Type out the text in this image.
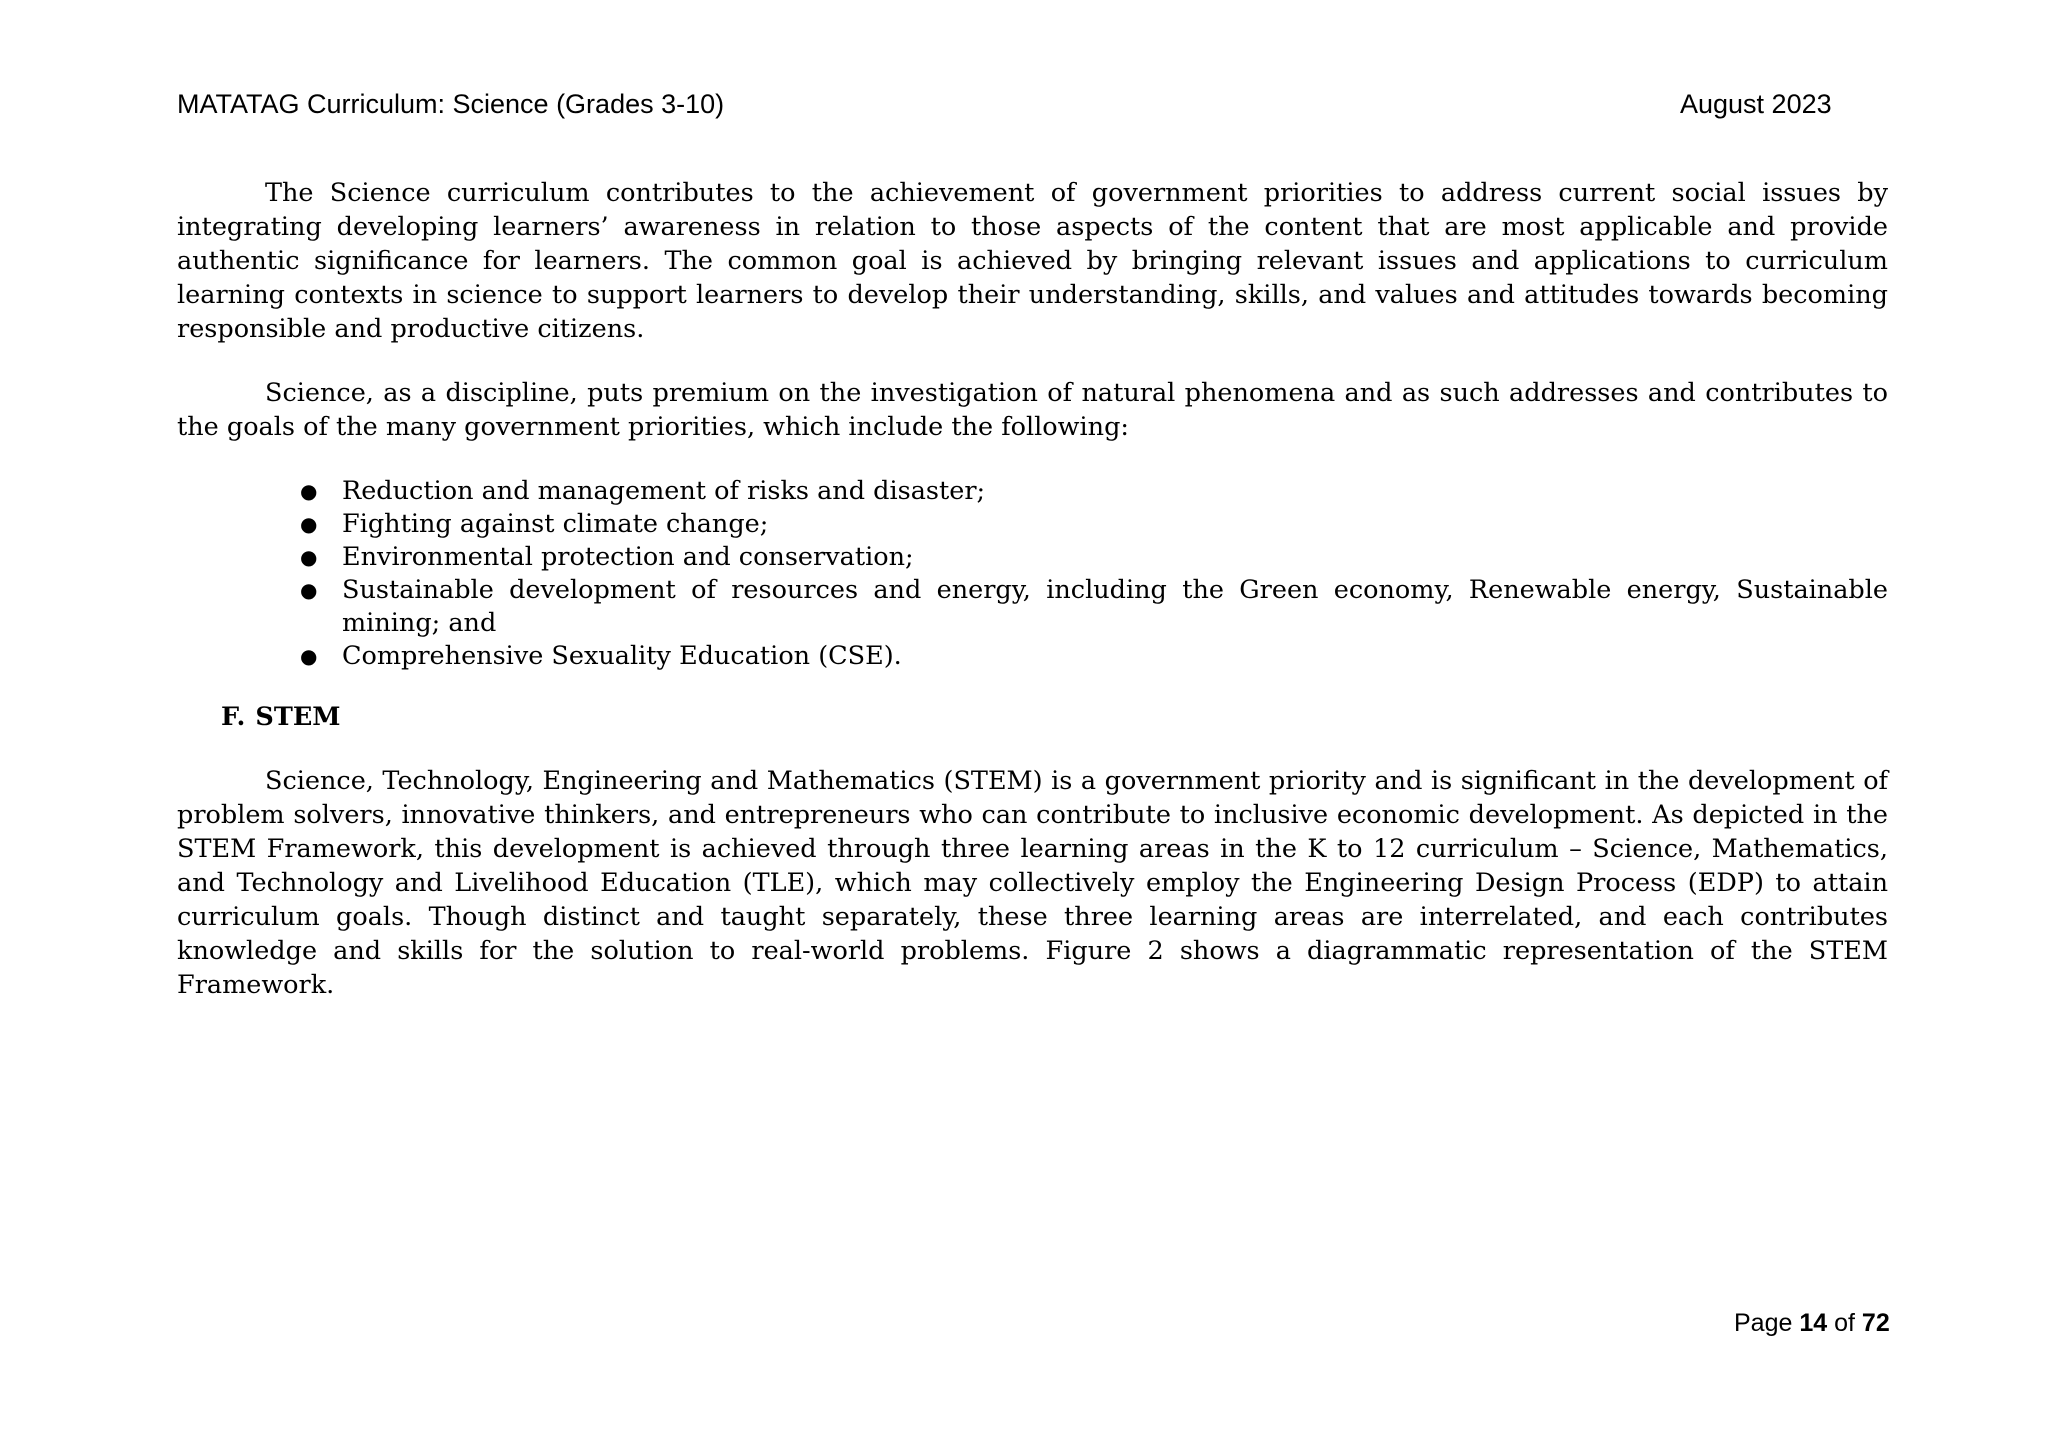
MATATAG Curriculum: Science (Grades 3-10)	August 2023

The Science curriculum contributes to the achievement of government priorities to address current social issues by integrating developing learners’ awareness in relation to those aspects of the content that are most applicable and provide authentic significance for learners. The common goal is achieved by bringing relevant issues and applications to curriculum learning contexts in science to support learners to develop their understanding, skills, and values and attitudes towards becoming responsible and productive citizens.

Science, as a discipline, puts premium on the investigation of natural phenomena and as such addresses and contributes to the goals of the many government priorities, which include the following:

● Reduction and management of risks and disaster;
● Fighting against climate change;
● Environmental protection and conservation;
● Sustainable development of resources and energy, including the Green economy, Renewable energy, Sustainable mining; and
● Comprehensive Sexuality Education (CSE).
F. STEM

Science, Technology, Engineering and Mathematics (STEM) is a government priority and is significant in the development of problem solvers, innovative thinkers, and entrepreneurs who can contribute to inclusive economic development. As depicted in the STEM Framework, this development is achieved through three learning areas in the K to 12 curriculum – Science, Mathematics, and Technology and Livelihood Education (TLE), which may collectively employ the Engineering Design Process (EDP) to attain curriculum goals. Though distinct and taught separately, these three learning areas are interrelated, and each contributes knowledge and skills for the solution to real-world problems. Figure 2 shows a diagrammatic representation of the STEM Framework.

Page 14 of 72
